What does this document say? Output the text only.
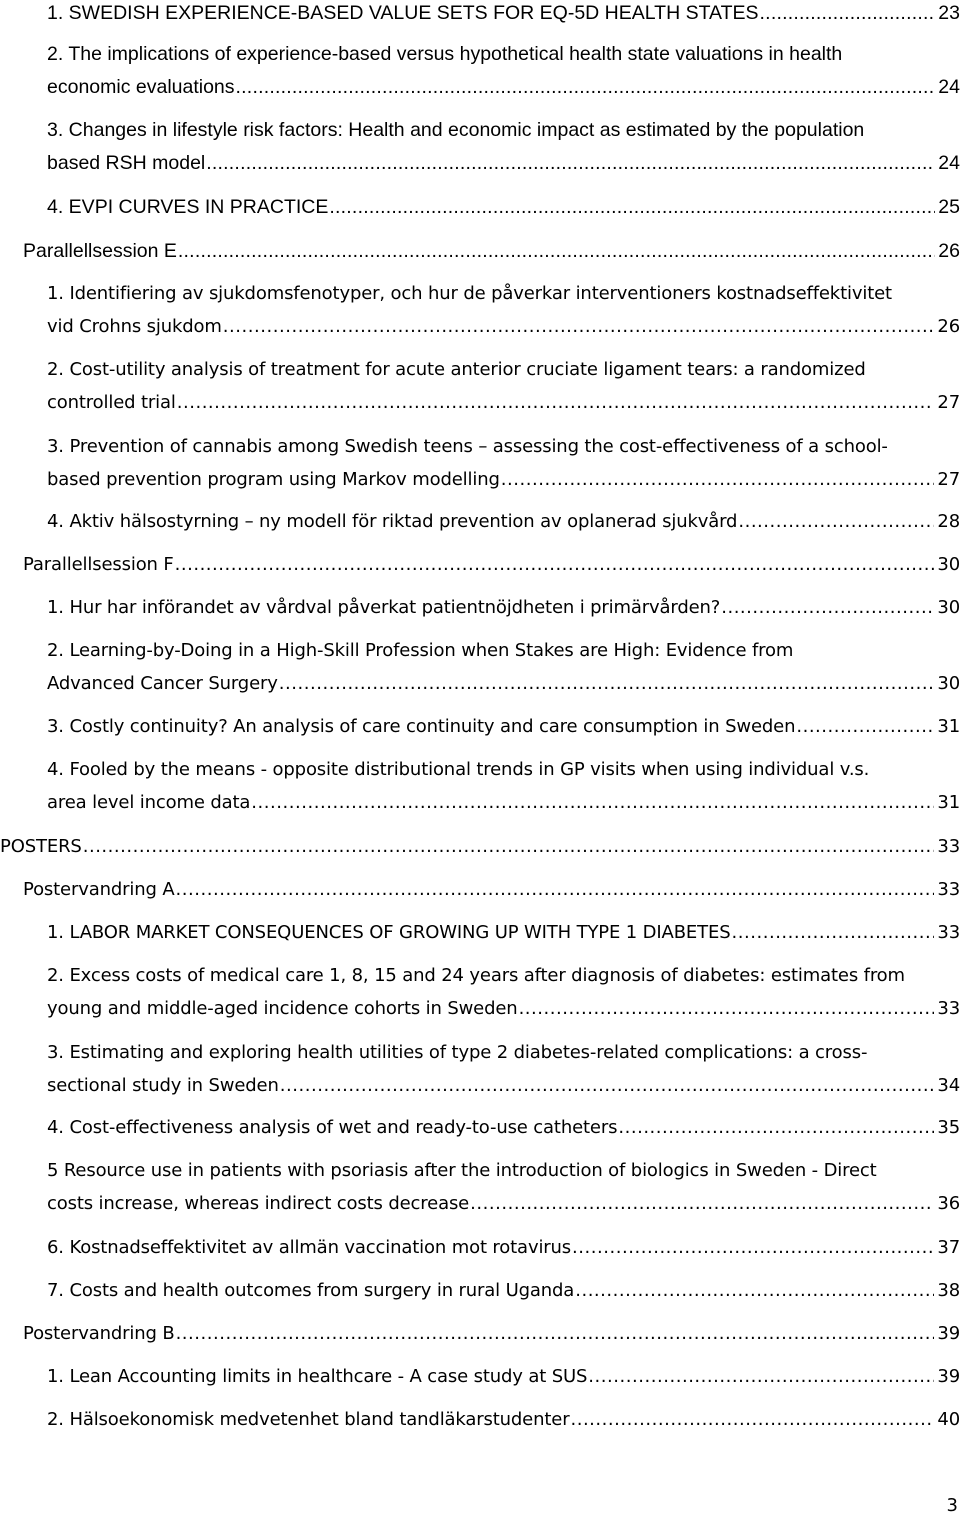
1. SWEDISH EXPERIENCE-BASED VALUE SETS FOR EQ-5D HEALTH STATES . . .	23
2. The implications of experience-based versus hypothetical health state valuations in health
economic evaluations . . .	24
3. Changes in lifestyle risk factors: Health and economic impact as estimated by the population
based RSH model . . .	24
4. EVPI CURVES IN PRACTICE . . .	25
Parallellsession E . . .	26
1. Identifiering av sjukdomsfenotyper, och hur de påverkar interventioners kostnadseffektivitet
vid Crohns sjukdom . . .	26
2. Cost-utility analysis of treatment for acute anterior cruciate ligament tears: a randomized
controlled trial . . .	27
3. Prevention of cannabis among Swedish teens – assessing the cost-effectiveness of a school-
based prevention program using Markov modelling . . .	27
4. Aktiv hälsostyrning – ny modell för riktad prevention av oplanerad sjukvård . . .	28
Parallellsession F . . .	30
1. Hur har införandet av vårdval påverkat patientnöjdheten i primärvården? . . .	30
2. Learning-by-Doing in a High-Skill Profession when Stakes are High: Evidence from
Advanced Cancer Surgery . . .	30
3. Costly continuity? An analysis of care continuity and care consumption in Sweden . . .	31
4. Fooled by the means - opposite distributional trends in GP visits when using individual v.s.
area level income data . . .	31
POSTERS . . .	33
Postervandring A . . .	33
1. LABOR MARKET CONSEQUENCES OF GROWING UP WITH TYPE 1 DIABETES . . .	33
2. Excess costs of medical care 1, 8, 15 and 24 years after diagnosis of diabetes: estimates from
young and middle-aged incidence cohorts in Sweden . . .	33
3. Estimating and exploring health utilities of type 2 diabetes-related complications: a cross-
sectional study in Sweden . . .	34
4. Cost-effectiveness analysis of wet and ready-to-use catheters . . .	35
5 Resource use in patients with psoriasis after the introduction of biologics in Sweden - Direct
costs increase, whereas indirect costs decrease . . .	36
6. Kostnadseffektivitet av allmän vaccination mot rotavirus . . .	37
7. Costs and health outcomes from surgery in rural Uganda . . .	38
Postervandring B . . .	39
1. Lean Accounting limits in healthcare - A case study at SUS . . .	39
2. Hälsoekonomisk medvetenhet bland tandläkarstudenter . . .	40
3
